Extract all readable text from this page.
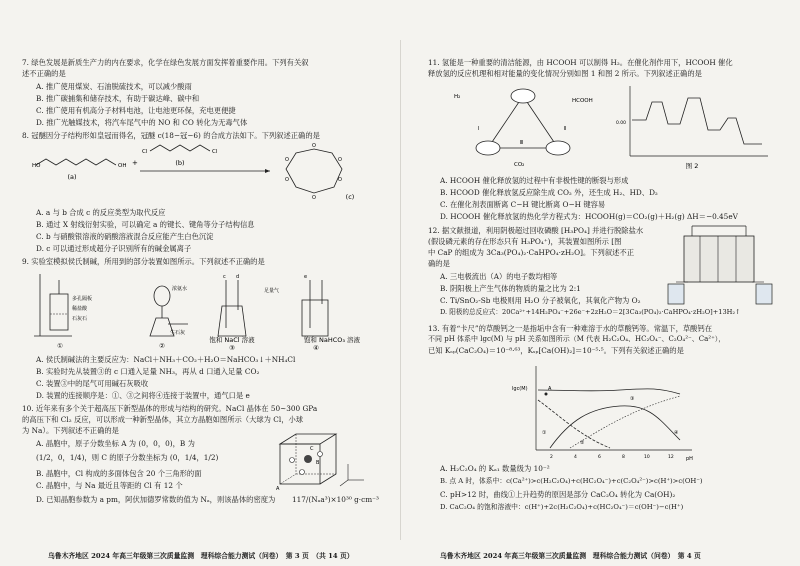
7. 绿色发展是新质生产力的内在要求，化学在绿色发展方面发挥着重要作用。下列有关叙
述不正确的是
A. 推广使用煤炭、石油脱硫技术，可以减少酸雨
B. 推广碳捕集和储存技术，有助于碳达峰、碳中和
C. 推广使用有机高分子材料电池，让电池更环保，充电更便捷
D. 推广光触媒技术，将汽车尾气中的 NO 和 CO 转化为无毒气体
8. 冠醚因分子结构形如皇冠而得名，冠醚 c(18−冠−6) 的合成方法如下。下列叙述正确的是
HO	OH
(a)
+
Cl	Cl
(b)
O
O
O
O
O
O
(c)
A. a 与 b 合成 c 的反应类型为取代反应
B. 通过 X 射线衍射实验，可以确定 a 的键长、键角等分子结构信息
C. b 与硝酸银溶液的硝酸溶液混合反应能产生白色沉淀
D. c 可以通过形成超分子识别所有的碱金属离子
9. 实验室模拟侯氏制碱，所用到的部分装置如图所示。下列叙述不正确的是
多孔隔板
石灰石
稀盐酸
①
浓氨水
生石灰
②
c d
饱和 NaCl 溶液
③
e
足量气
饱和 NaHCO₃ 溶液
④
A. 侯氏制碱法的主要反应为：NaCl＋NH₃＋CO₂＋H₂O＝NaHCO₃↓＋NH₄Cl
B. 实验时先从装置③的 c 口通入足量 NH₃，再从 d 口通入足量 CO₂
C. 装置③中的尾气可用碱石灰吸收
D. 装置的连接顺序是：①、③之间将④连接于装置中，通气口是 e
10. 近年来有多个关于超高压下新型晶体的形成与结构的研究。NaCl 晶体在 50~300 GPa
的高压下和 Cl₂ 反应，可以形成一种新型晶体，其立方晶胞如图所示（大球为 Cl，小球
为 Na）。下列叙述不正确的是
A. 晶胞中，原子分数坐标 A 为 (0，0，0)，B 为
(1/2，0，1/4)，则 C 的原子分数坐标为 (0，1/4，1/2)
B. 晶胞中，Cl 构成的多面体包含 20 个三角形的面
C. 晶胞中，与 Na 最近且等距的 Cl 有 12 个
D. 已知晶胞参数为 a pm，阿伏加德罗常数的值为 Nₐ，则该晶体的密度为 117/(Nₐa³)×10³⁰ g·cm⁻³
A
B
C
乌鲁木齐地区 2024 年高三年级第三次质量监测　理科综合能力测试（问卷）　第 3 页　（共 14 页）
11. 氢能是一种重要的清洁能源，由 HCOOH 可以制得 H₂。在催化剂作用下，HCOOH 催化
释放氢的反应机理和相对能量的变化情况分别如图 1 和图 2 所示。下列叙述正确的是
H₂
HCOOH
CO₂
Ⅰ	Ⅱ
Ⅲ
0.00
图 2
A. HCOOH 催化释放氢的过程中有非极性键的断裂与形成
B. HCOOD 催化释放氢反应除生成 CO₂ 外，还生成 H₂、HD、D₂
C. 在催化剂表面断离 C−H 键比断离 O−H 键容易
D. HCOOH 催化释放氢的热化学方程式为：HCOOH(g)＝CO₂(g)＋H₂(g) ΔH＝−0.45eV
12. 据文献报道，利用阴极超过回收磷酸 [H₃PO₄] 并进行脱除盐水
(假设磷元素的存在形态只有 H₃PO₄⁺)，其装置如图所示 [图
中 CaP 的组成为 3Ca₃(PO₄)₂·CaHPO₄·zH₂O]。下列叙述不正
确的是
A. 三电极流出（A）的电子数均相等
B. 阴阳极上产生气体的物质的量之比为 2:1
C. Ti/SnO₂-Sb 电极则用 H₂O 分子被氧化，其氧化产物为 O₂
D. 阳极的总反应式：20Ca²⁺+14H₂PO₄⁻+26e⁻+2zH₂O＝2[3Ca₃(PO₄)₂·CaHPO₄·zH₂O]+13H₂↑
13. 有着“卡尺”的草酸钙之一是指垢中含有一种难溶于水的草酸钙等。常温下，草酸钙在
不同 pH 体系中 lgc(M) 与 pH 关系如图所示（M 代表 H₂C₂O₄、HC₂O₄⁻、C₂O₄²⁻、Ca²⁺），
已知 Kₛₚ(CaC₂O₄)＝10⁻⁸·⁶³，Kₛₚ[Ca(OH)₂]＝10⁻⁵·⁵。下列有关叙述正确的是
lgc(M)
pH
A
①
②
③
④
2	4	6	8	10	12
A. H₂C₂O₄ 的 Kₐ₁ 数量级为 10⁻²
B. 点 A 时，体系中：c(Ca²⁺)>c(H₂C₂O₄)+c(HC₂O₄⁻)+c(C₂O₄²⁻)>c(H⁺)>c(OH⁻)
C. pH>12 时，曲线①上升趋势的原因是部分 CaC₂O₄ 转化为 Ca(OH)₂
D. CaC₂O₄ 的饱和溶液中：c(H⁺)+2c(H₂C₂O₄)+c(HC₂O₄⁻)＝c(OH⁻)−c(H⁺)
乌鲁木齐地区 2024 年高三年级第三次质量监测　理科综合能力测试（问卷）　第 4 页
